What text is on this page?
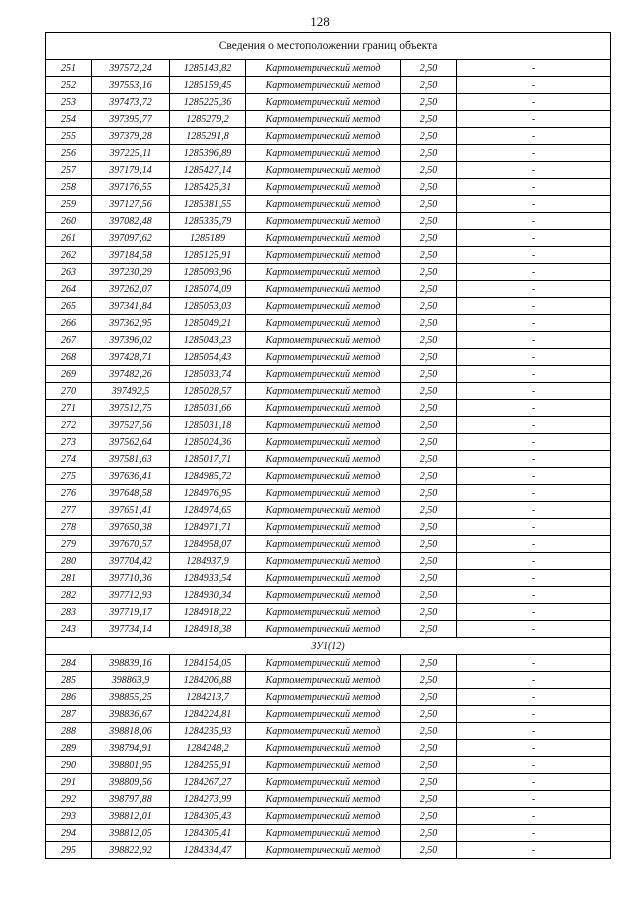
128
Сведения о местоположении границ объекта					
251	397572,24	1285143,82	Картометрический метод	2,50	-
252	397553,16	1285159,45	Картометрический метод	2,50	-
253	397473,72	1285225,36	Картометрический метод	2,50	-
254	397395,77	1285279,2	Картометрический метод	2,50	-
255	397379,28	1285291,8	Картометрический метод	2,50	-
256	397225,11	1285396,89	Картометрический метод	2,50	-
257	397179,14	1285427,14	Картометрический метод	2,50	-
258	397176,55	1285425,31	Картометрический метод	2,50	-
259	397127,56	1285381,55	Картометрический метод	2,50	-
260	397082,48	1285335,79	Картометрический метод	2,50	-
261	397097,62	1285189	Картометрический метод	2,50	-
262	397184,58	1285125,91	Картометрический метод	2,50	-
263	397230,29	1285093,96	Картометрический метод	2,50	-
264	397262,07	1285074,09	Картометрический метод	2,50	-
265	397341,84	1285053,03	Картометрический метод	2,50	-
266	397362,95	1285049,21	Картометрический метод	2,50	-
267	397396,02	1285043,23	Картометрический метод	2,50	-
268	397428,71	1285054,43	Картометрический метод	2,50	-
269	397482,26	1285033,74	Картометрический метод	2,50	-
270	397492,5	1285028,57	Картометрический метод	2,50	-
271	397512,75	1285031,66	Картометрический метод	2,50	-
272	397527,56	1285031,18	Картометрический метод	2,50	-
273	397562,64	1285024,36	Картометрический метод	2,50	-
274	397581,63	1285017,71	Картометрический метод	2,50	-
275	397636,41	1284985,72	Картометрический метод	2,50	-
276	397648,58	1284976,95	Картометрический метод	2,50	-
277	397651,41	1284974,65	Картометрический метод	2,50	-
278	397650,38	1284971,71	Картометрический метод	2,50	-
279	397670,57	1284958,07	Картометрический метод	2,50	-
280	397704,42	1284937,9	Картометрический метод	2,50	-
281	397710,36	1284933,54	Картометрический метод	2,50	-
282	397712,93	1284930,34	Картометрический метод	2,50	-
283	397719,17	1284918,22	Картометрический метод	2,50	-
243	397734,14	1284918,38	Картометрический метод	2,50	-
ЗУ1(12)					
284	398839,16	1284154,05	Картометрический метод	2,50	-
285	398863,9	1284206,88	Картометрический метод	2,50	-
286	398855,25	1284213,7	Картометрический метод	2,50	-
287	398836,67	1284224,81	Картометрический метод	2,50	-
288	398818,06	1284235,93	Картометрический метод	2,50	-
289	398794,91	1284248,2	Картометрический метод	2,50	-
290	398801,95	1284255,91	Картометрический метод	2,50	-
291	398809,56	1284267,27	Картометрический метод	2,50	-
292	398797,88	1284273,99	Картометрический метод	2,50	-
293	398812,01	1284305,43	Картометрический метод	2,50	-
294	398812,05	1284305,41	Картометрический метод	2,50	-
295	398822,92	1284334,47	Картометрический метод	2,50	-
